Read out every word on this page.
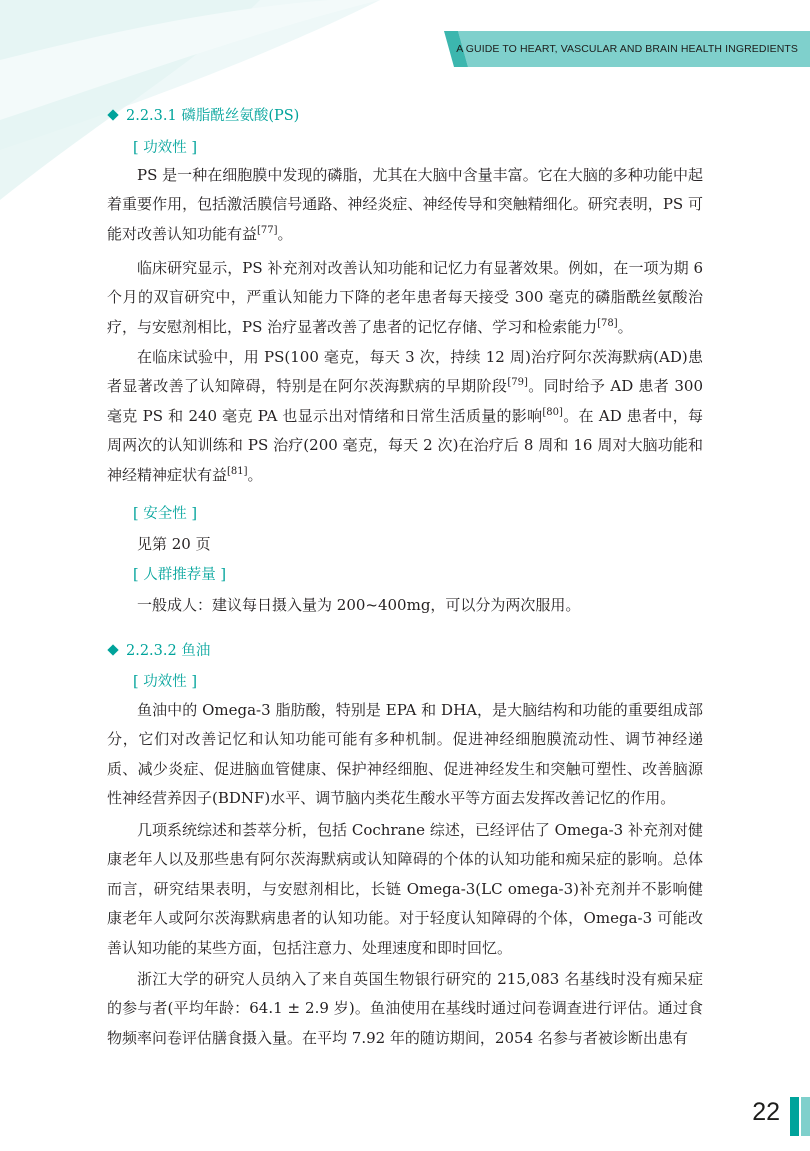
A GUIDE TO HEART, VASCULAR AND BRAIN HEALTH INGREDIENTS
2.2.3.1 磷脂酰丝氨酸(PS)
[ 功效性 ]
PS 是一种在细胞膜中发现的磷脂，尤其在大脑中含量丰富。它在大脑的多种功能中起着重要作用，包括激活膜信号通路、神经炎症、神经传导和突触精细化。研究表明，PS 可能对改善认知功能有益[77]。
临床研究显示，PS 补充剂对改善认知功能和记忆力有显著效果。例如，在一项为期 6 个月的双盲研究中，严重认知能力下降的老年患者每天接受 300 毫克的磷脂酰丝氨酸治疗，与安慰剂相比，PS 治疗显著改善了患者的记忆存储、学习和检索能力[78]。
在临床试验中，用 PS(100 毫克，每天 3 次，持续 12 周)治疗阿尔茨海默病(AD)患者显著改善了认知障碍，特别是在阿尔茨海默病的早期阶段[79]。同时给予 AD 患者 300 毫克 PS 和 240 毫克 PA 也显示出对情绪和日常生活质量的影响[80]。在 AD 患者中，每周两次的认知训练和 PS 治疗(200 毫克，每天 2 次)在治疗后 8 周和 16 周对大脑功能和神经精神症状有益[81]。
[ 安全性 ]
见第 20 页
[ 人群推荐量 ]
一般成人：建议每日摄入量为 200~400mg，可以分为两次服用。
2.2.3.2 鱼油
[ 功效性 ]
鱼油中的 Omega-3 脂肪酸，特别是 EPA 和 DHA，是大脑结构和功能的重要组成部分，它们对改善记忆和认知功能可能有多种机制。促进神经细胞膜流动性、调节神经递质、减少炎症、促进脑血管健康、保护神经细胞、促进神经发生和突触可塑性、改善脑源性神经营养因子(BDNF)水平、调节脑内类花生酸水平等方面去发挥改善记忆的作用。
几项系统综述和荟萃分析，包括 Cochrane 综述，已经评估了 Omega-3 补充剂对健康老年人以及那些患有阿尔茨海默病或认知障碍的个体的认知功能和痴呆症的影响。总体而言，研究结果表明，与安慰剂相比，长链 Omega-3(LC omega-3)补充剂并不影响健康老年人或阿尔茨海默病患者的认知功能。对于轻度认知障碍的个体，Omega-3 可能改善认知功能的某些方面，包括注意力、处理速度和即时回忆。
浙江大学的研究人员纳入了来自英国生物银行研究的 215,083 名基线时没有痴呆症的参与者(平均年龄：64.1 ± 2.9 岁)。鱼油使用在基线时通过问卷调查进行评估。通过食物频率问卷评估膳食摄入量。在平均 7.92 年的随访期间，2054 名参与者被诊断出患有
22
